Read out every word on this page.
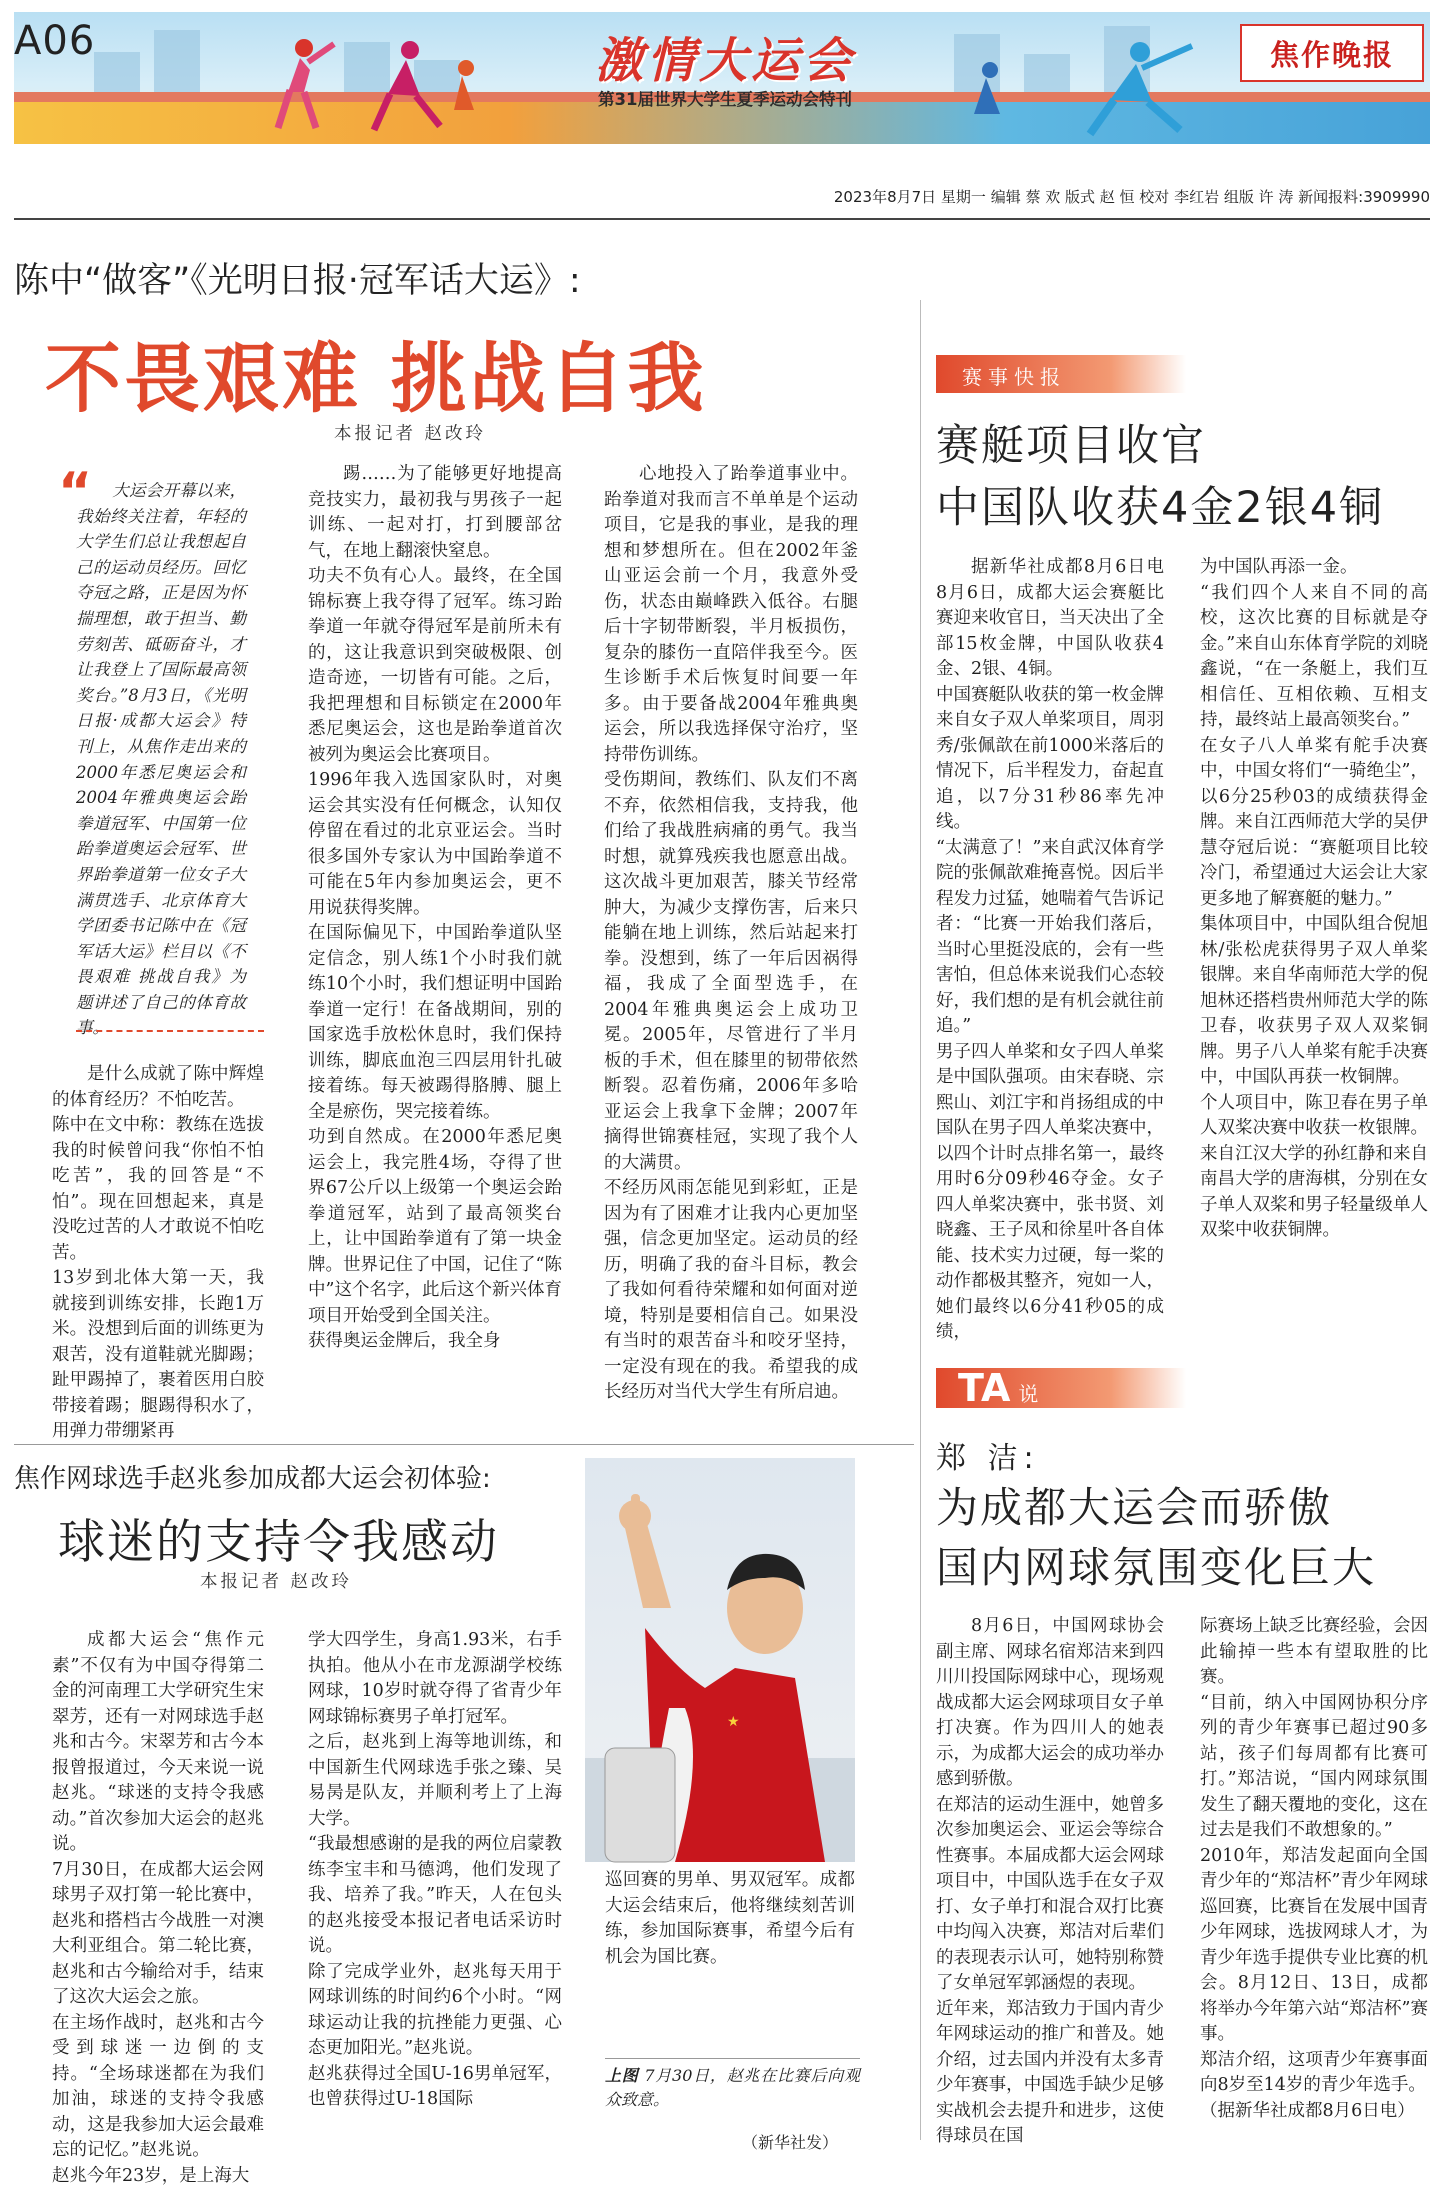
A06	激情大运会
第31届世界大学生夏季运动会特刊
焦作晚报
2023年8月7日 星期一 编辑 蔡 欢 版式 赵 恒 校对 李红岩 组版 许 涛 新闻报料:3909990
陈中“做客”《光明日报·冠军话大运》:
不畏艰难 挑战自我
本报记者 赵改玲
“	大运会开幕以来，我始终关注着，年轻的大学生们总让我想起自己的运动员经历。回忆夺冠之路，正是因为怀揣理想，敢于担当、勤劳刻苦、砥砺奋斗，才让我登上了国际最高领奖台。”8月3日，《光明日报·成都大运会》特刊上，从焦作走出来的2000年悉尼奥运会和2004年雅典奥运会跆拳道冠军、中国第一位跆拳道奥运会冠军、世界跆拳道第一位女子大满贯选手、北京体育大学团委书记陈中在《冠军话大运》栏目以《不畏艰难 挑战自我》为题讲述了自己的体育故事。
是什么成就了陈中辉煌的体育经历？不怕吃苦。
陈中在文中称：教练在选拔我的时候曾问我“你怕不怕吃苦”，我的回答是“不怕”。现在回想起来，真是没吃过苦的人才敢说不怕吃苦。
13岁到北体大第一天，我就接到训练安排，长跑1万米。没想到后面的训练更为艰苦，没有道鞋就光脚踢；趾甲踢掉了，裹着医用白胶带接着踢；腿踢得积水了，用弹力带绷紧再
踢……为了能够更好地提高竞技实力，最初我与男孩子一起训练、一起对打，打到腰部岔气，在地上翻滚快窒息。
功夫不负有心人。最终，在全国锦标赛上我夺得了冠军。练习跆拳道一年就夺得冠军是前所未有的，这让我意识到突破极限、创造奇迹，一切皆有可能。之后，我把理想和目标锁定在2000年悉尼奥运会，这也是跆拳道首次被列为奥运会比赛项目。
1996年我入选国家队时，对奥运会其实没有任何概念，认知仅停留在看过的北京亚运会。当时很多国外专家认为中国跆拳道不可能在5年内参加奥运会，更不用说获得奖牌。
在国际偏见下，中国跆拳道队坚定信念，别人练1个小时我们就练10个小时，我们想证明中国跆拳道一定行！在备战期间，别的国家选手放松休息时，我们保持训练，脚底血泡三四层用针扎破接着练。每天被踢得胳膊、腿上全是瘀伤，哭完接着练。
功到自然成。在2000年悉尼奥运会上，我完胜4场，夺得了世界67公斤以上级第一个奥运会跆拳道冠军，站到了最高领奖台上，让中国跆拳道有了第一块金牌。世界记住了中国，记住了“陈中”这个名字，此后这个新兴体育项目开始受到全国关注。
获得奥运金牌后，我全身
心地投入了跆拳道事业中。跆拳道对我而言不单单是个运动项目，它是我的事业，是我的理想和梦想所在。但在2002年釜山亚运会前一个月，我意外受伤，状态由巅峰跌入低谷。右腿后十字韧带断裂，半月板损伤，复杂的膝伤一直陪伴我至今。医生诊断手术后恢复时间要一年多。由于要备战2004年雅典奥运会，所以我选择保守治疗，坚持带伤训练。
受伤期间，教练们、队友们不离不弃，依然相信我，支持我，他们给了我战胜病痛的勇气。我当时想，就算残疾我也愿意出战。这次战斗更加艰苦，膝关节经常肿大，为减少支撑伤害，后来只能躺在地上训练，然后站起来打拳。没想到，练了一年后因祸得福，我成了全面型选手，在2004年雅典奥运会上成功卫冕。2005年，尽管进行了半月板的手术，但在膝里的韧带依然断裂。忍着伤痛，2006年多哈亚运会上我拿下金牌；2007年摘得世锦赛桂冠，实现了我个人的大满贯。
不经历风雨怎能见到彩虹，正是因为有了困难才让我内心更加坚强，信念更加坚定。运动员的经历，明确了我的奋斗目标，教会了我如何看待荣耀和如何面对逆境，特别是要相信自己。如果没有当时的艰苦奋斗和咬牙坚持，一定没有现在的我。希望我的成长经历对当代大学生有所启迪。
赛事快报
赛艇项目收官
中国队收获4金2银4铜
据新华社成都8月6日电 8月6日，成都大运会赛艇比赛迎来收官日，当天决出了全部15枚金牌，中国队收获4金、2银、4铜。
中国赛艇队收获的第一枚金牌来自女子双人单桨项目，周羽秀/张佩歆在前1000米落后的情况下，后半程发力，奋起直追，以7分31秒86率先冲线。
“太满意了！”来自武汉体育学院的张佩歆难掩喜悦。因后半程发力过猛，她喘着气告诉记者：“比赛一开始我们落后，当时心里挺没底的，会有一些害怕，但总体来说我们心态较好，我们想的是有机会就往前追。”
男子四人单桨和女子四人单桨是中国队强项。由宋春晓、宗熙山、刘江宇和肖扬组成的中国队在男子四人单桨决赛中，以四个计时点排名第一，最终用时6分09秒46夺金。女子四人单桨决赛中，张书贤、刘晓鑫、王子凤和徐星叶各自体能、技术实力过硬，每一桨的动作都极其整齐，宛如一人，她们最终以6分41秒05的成绩，
为中国队再添一金。
“我们四个人来自不同的高校，这次比赛的目标就是夺金。”来自山东体育学院的刘晓鑫说，“在一条艇上，我们互相信任、互相依赖、互相支持，最终站上最高领奖台。”
在女子八人单桨有舵手决赛中，中国女将们“一骑绝尘”，以6分25秒03的成绩获得金牌。来自江西师范大学的吴伊慧夺冠后说：“赛艇项目比较冷门，希望通过大运会让大家更多地了解赛艇的魅力。”
集体项目中，中国队组合倪旭林/张松虎获得男子双人单桨银牌。来自华南师范大学的倪旭林还搭档贵州师范大学的陈卫春，收获男子双人双桨铜牌。男子八人单桨有舵手决赛中，中国队再获一枚铜牌。
个人项目中，陈卫春在男子单人双桨决赛中收获一枚银牌。来自江汉大学的孙红静和来自南昌大学的唐海棋，分别在女子单人双桨和男子轻量级单人双桨中收获铜牌。
TA 说
郑 洁:
为成都大运会而骄傲
国内网球氛围变化巨大
8月6日，中国网球协会副主席、网球名宿郑洁来到四川川投国际网球中心，现场观战成都大运会网球项目女子单打决赛。作为四川人的她表示，为成都大运会的成功举办感到骄傲。
在郑洁的运动生涯中，她曾多次参加奥运会、亚运会等综合性赛事。本届成都大运会网球项目中，中国队选手在女子双打、女子单打和混合双打比赛中均闯入决赛，郑洁对后辈们的表现表示认可，她特别称赞了女单冠军郭涵煜的表现。
近年来，郑洁致力于国内青少年网球运动的推广和普及。她介绍，过去国内并没有太多青少年赛事，中国选手缺少足够实战机会去提升和进步，这使得球员在国
际赛场上缺乏比赛经验，会因此输掉一些本有望取胜的比赛。
“目前，纳入中国网协积分序列的青少年赛事已超过90多站，孩子们每周都有比赛可打。”郑洁说，“国内网球氛围发生了翻天覆地的变化，这在过去是我们不敢想象的。”
2010年，郑洁发起面向全国青少年的“郑洁杯”青少年网球巡回赛，比赛旨在发展中国青少年网球，选拔网球人才，为青少年选手提供专业比赛的机会。8月12日、13日，成都将举办今年第六站“郑洁杯”赛事。
郑洁介绍，这项青少年赛事面向8岁至14岁的青少年选手。
（据新华社成都8月6日电）
焦作网球选手赵兆参加成都大运会初体验:
球迷的支持令我感动
本报记者 赵改玲
成都大运会“焦作元素”不仅有为中国夺得第二金的河南理工大学研究生宋翠芳，还有一对网球选手赵兆和古今。宋翠芳和古今本报曾报道过，今天来说一说赵兆。“球迷的支持令我感动。”首次参加大运会的赵兆说。
7月30日，在成都大运会网球男子双打第一轮比赛中，赵兆和搭档古今战胜一对澳大利亚组合。第二轮比赛，赵兆和古今输给对手，结束了这次大运会之旅。
在主场作战时，赵兆和古今受到球迷一边倒的支持。“全场球迷都在为我们加油，球迷的支持令我感动，这是我参加大运会最难忘的记忆。”赵兆说。
赵兆今年23岁，是上海大
学大四学生，身高1.93米，右手执拍。他从小在市龙源湖学校练网球，10岁时就夺得了省青少年网球锦标赛男子单打冠军。
之后，赵兆到上海等地训练，和中国新生代网球选手张之臻、吴易昺是队友，并顺利考上了上海大学。
“我最想感谢的是我的两位启蒙教练李宝丰和马德鸿，他们发现了我、培养了我。”昨天，人在包头的赵兆接受本报记者电话采访时说。
除了完成学业外，赵兆每天用于网球训练的时间约6个小时。“网球运动让我的抗挫能力更强、心态更加阳光。”赵兆说。
赵兆获得过全国U-16男单冠军，也曾获得过U-18国际
★
巡回赛的男单、男双冠军。成都大运会结束后，他将继续刻苦训练，参加国际赛事，希望今后有机会为国比赛。
上图 7月30日，赵兆在比赛后向观众致意。
（新华社发）
